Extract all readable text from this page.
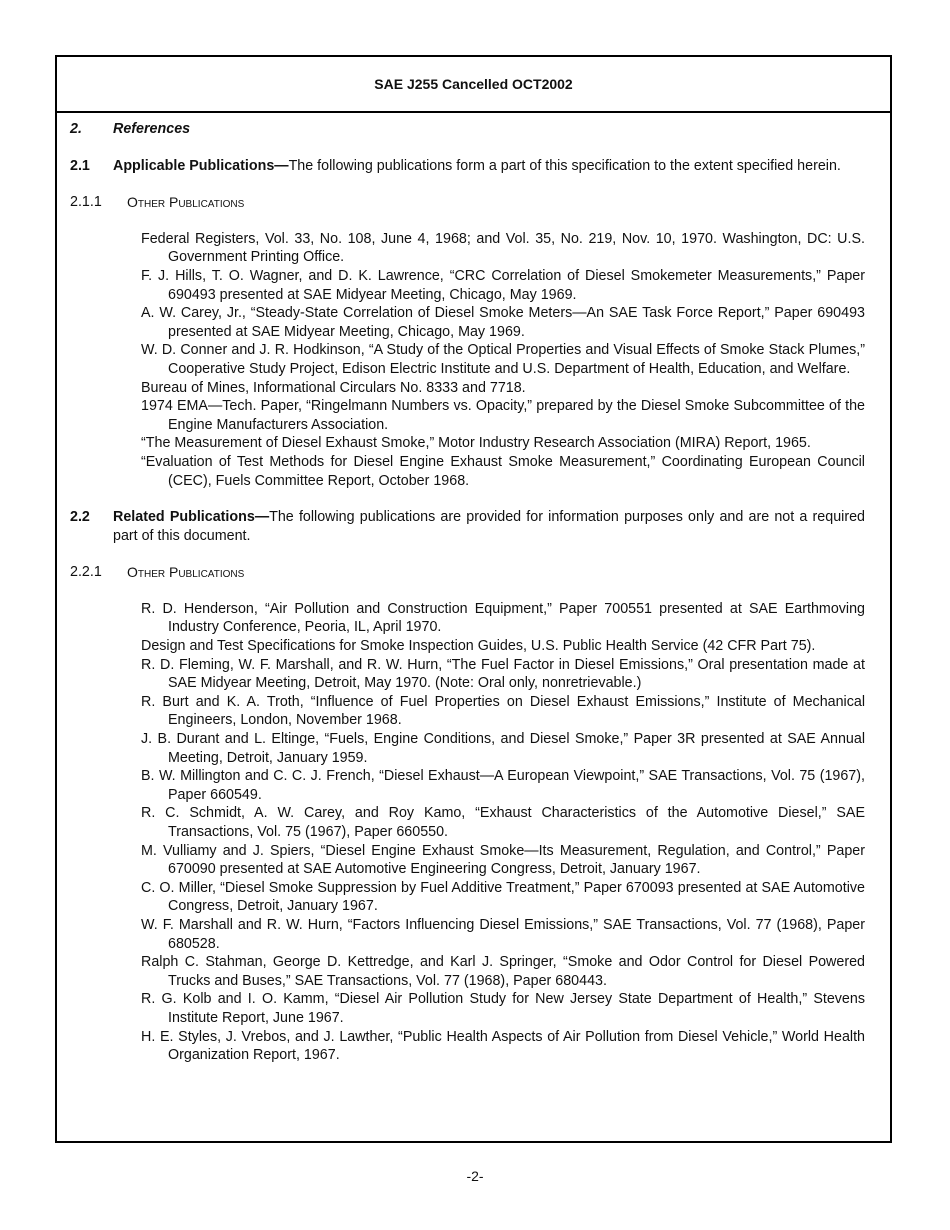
SAE J255 Cancelled OCT2002
2.	References
2.1	Applicable Publications—The following publications form a part of this specification to the extent specified herein.
2.1.1	Other Publications

Federal Registers, Vol. 33, No. 108, June 4, 1968; and Vol. 35, No. 219, Nov. 10, 1970. Washington, DC: U.S. Government Printing Office.

F. J. Hills, T. O. Wagner, and D. K. Lawrence, “CRC Correlation of Diesel Smokemeter Measurements,” Paper 690493 presented at SAE Midyear Meeting, Chicago, May 1969.

A. W. Carey, Jr., “Steady-State Correlation of Diesel Smoke Meters—An SAE Task Force Report,” Paper 690493 presented at SAE Midyear Meeting, Chicago, May 1969.

W. D. Conner and J. R. Hodkinson, “A Study of the Optical Properties and Visual Effects of Smoke Stack Plumes,” Cooperative Study Project, Edison Electric Institute and U.S. Department of Health, Education, and Welfare.

Bureau of Mines, Informational Circulars No. 8333 and 7718.

1974 EMA—Tech. Paper, “Ringelmann Numbers vs. Opacity,” prepared by the Diesel Smoke Subcommittee of the Engine Manufacturers Association.

“The Measurement of Diesel Exhaust Smoke,” Motor Industry Research Association (MIRA) Report, 1965.

“Evaluation of Test Methods for Diesel Engine Exhaust Smoke Measurement,” Coordinating European Council (CEC), Fuels Committee Report, October 1968.

2.2	Related Publications—The following publications are provided for information purposes only and are not a required part of this document.
2.2.1	Other Publications

R. D. Henderson, “Air Pollution and Construction Equipment,” Paper 700551 presented at SAE Earthmoving Industry Conference, Peoria, IL, April 1970.

Design and Test Specifications for Smoke Inspection Guides, U.S. Public Health Service (42 CFR Part 75).

R. D. Fleming, W. F. Marshall, and R. W. Hurn, “The Fuel Factor in Diesel Emissions,” Oral presentation made at SAE Midyear Meeting, Detroit, May 1970. (Note: Oral only, nonretrievable.)

R. Burt and K. A. Troth, “Influence of Fuel Properties on Diesel Exhaust Emissions,” Institute of Mechanical Engineers, London, November 1968.

J. B. Durant and L. Eltinge, “Fuels, Engine Conditions, and Diesel Smoke,” Paper 3R presented at SAE Annual Meeting, Detroit, January 1959.

B. W. Millington and C. C. J. French, “Diesel Exhaust—A European Viewpoint,” SAE Transactions, Vol. 75 (1967), Paper 660549.

R. C. Schmidt, A. W. Carey, and Roy Kamo, “Exhaust Characteristics of the Automotive Diesel,” SAE Transactions, Vol. 75 (1967), Paper 660550.

M. Vulliamy and J. Spiers, “Diesel Engine Exhaust Smoke—Its Measurement, Regulation, and Control,” Paper 670090 presented at SAE Automotive Engineering Congress, Detroit, January 1967.

C. O. Miller, “Diesel Smoke Suppression by Fuel Additive Treatment,” Paper 670093 presented at SAE Automotive Congress, Detroit, January 1967.

W. F. Marshall and R. W. Hurn, “Factors Influencing Diesel Emissions,” SAE Transactions, Vol. 77 (1968), Paper 680528.

Ralph C. Stahman, George D. Kettredge, and Karl J. Springer, “Smoke and Odor Control for Diesel Powered Trucks and Buses,” SAE Transactions, Vol. 77 (1968), Paper 680443.

R. G. Kolb and I. O. Kamm, “Diesel Air Pollution Study for New Jersey State Department of Health,” Stevens Institute Report, June 1967.

H. E. Styles, J. Vrebos, and J. Lawther, “Public Health Aspects of Air Pollution from Diesel Vehicle,” World Health Organization Report, 1967.

-2-
